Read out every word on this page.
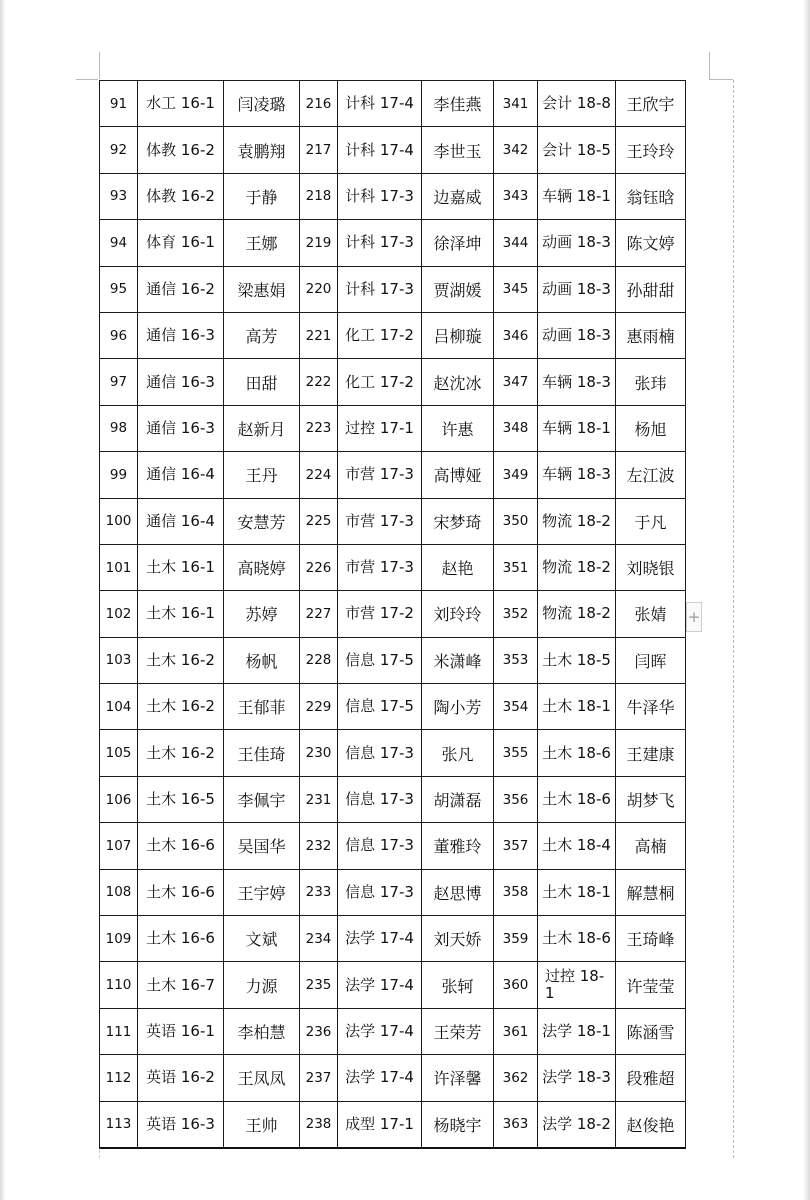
91	水工 16-1	闫凌璐	216	计科 17-4	李佳燕	341	会计 18-8	王欣宇
92	体教 16-2	袁鹏翔	217	计科 17-4	李世玉	342	会计 18-5	王玲玲
93	体教 16-2	于静	218	计科 17-3	边嘉威	343	车辆 18-1	翁钰晗
94	体育 16-1	王娜	219	计科 17-3	徐泽坤	344	动画 18-3	陈文婷
95	通信 16-2	梁惠娟	220	计科 17-3	贾湖媛	345	动画 18-3	孙甜甜
96	通信 16-3	高芳	221	化工 17-2	吕柳璇	346	动画 18-3	惠雨楠
97	通信 16-3	田甜	222	化工 17-2	赵沈冰	347	车辆 18-3	张玮
98	通信 16-3	赵新月	223	过控 17-1	许惠	348	车辆 18-1	杨旭
99	通信 16-4	王丹	224	市营 17-3	高博娅	349	车辆 18-3	左江波
100	通信 16-4	安慧芳	225	市营 17-3	宋梦琦	350	物流 18-2	于凡
101	土木 16-1	高晓婷	226	市营 17-3	赵艳	351	物流 18-2	刘晓银
102	土木 16-1	苏婷	227	市营 17-2	刘玲玲	352	物流 18-2	张婧
103	土木 16-2	杨帆	228	信息 17-5	米潇峰	353	土木 18-5	闫晖
104	土木 16-2	王郁菲	229	信息 17-5	陶小芳	354	土木 18-1	牛泽华
105	土木 16-2	王佳琦	230	信息 17-3	张凡	355	土木 18-6	王建康
106	土木 16-5	李佩宇	231	信息 17-3	胡潇磊	356	土木 18-6	胡梦飞
107	土木 16-6	吴国华	232	信息 17-3	董雅玲	357	土木 18-4	高楠
108	土木 16-6	王宇婷	233	信息 17-3	赵思博	358	土木 18-1	解慧桐
109	土木 16-6	文斌	234	法学 17-4	刘天娇	359	土木 18-6	王琦峰
110	土木 16-7	力源	235	法学 17-4	张轲	360	过控 18-1	许莹莹
111	英语 16-1	李柏慧	236	法学 17-4	王荣芳	361	法学 18-1	陈涵雪
112	英语 16-2	王凤凤	237	法学 17-4	许泽馨	362	法学 18-3	段雅超
113	英语 16-3	王帅	238	成型 17-1	杨晓宇	363	法学 18-2	赵俊艳
+
